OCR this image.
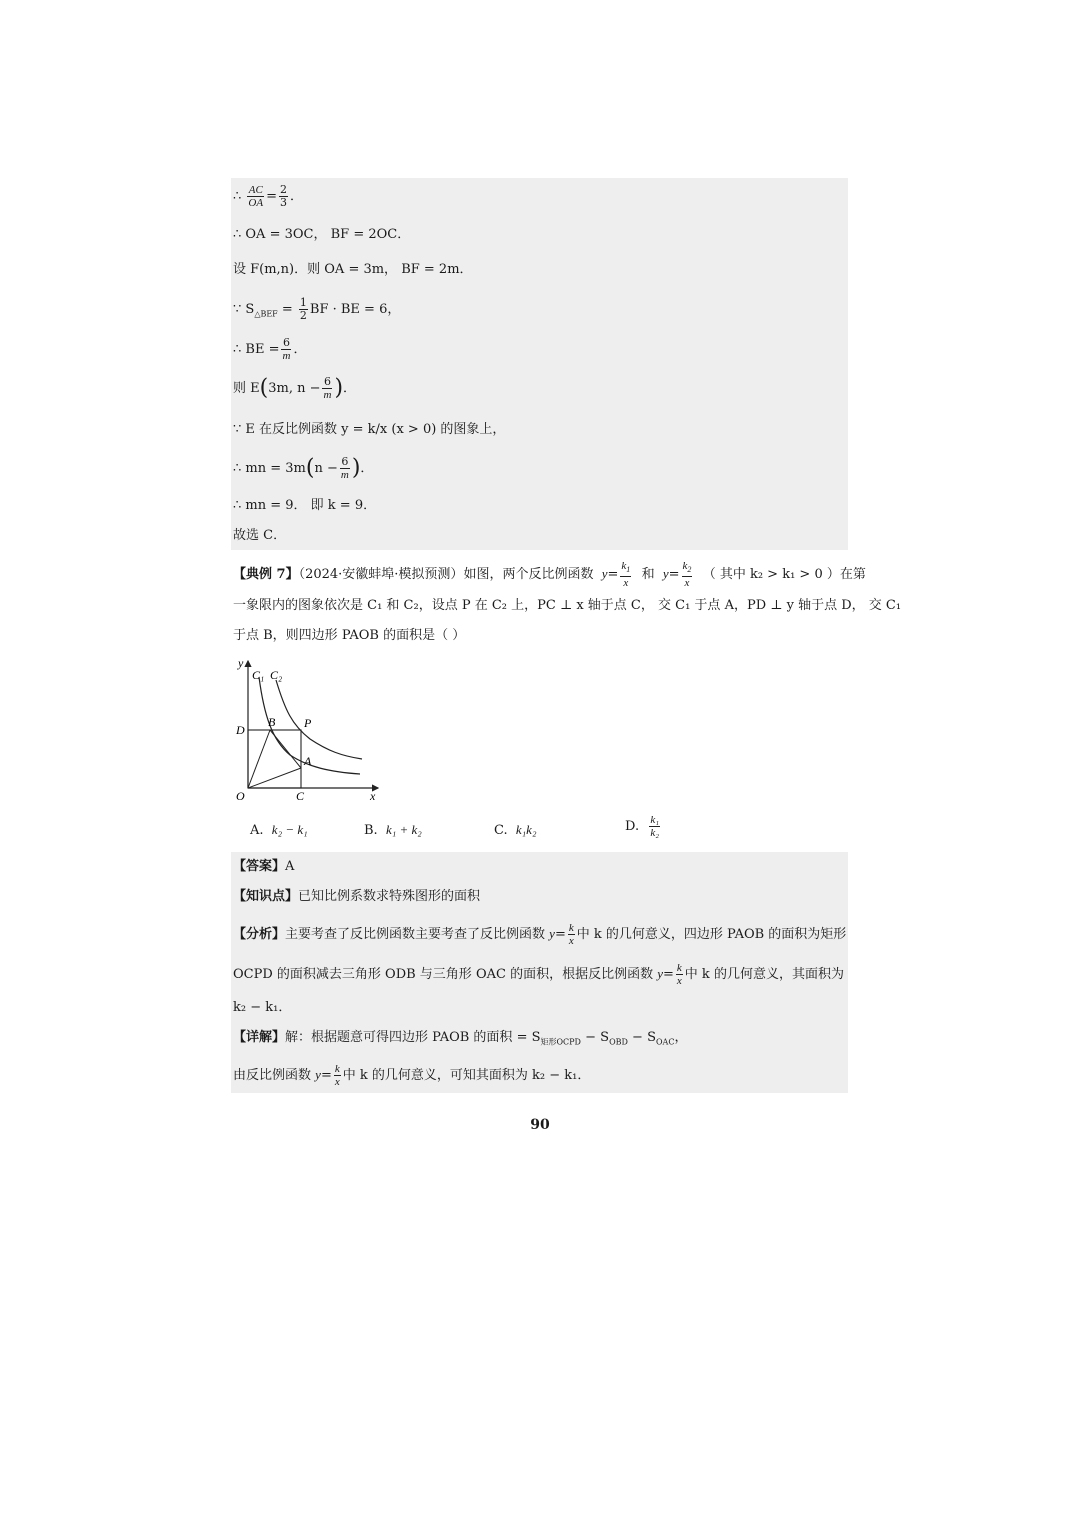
∴ $\frac{AC}{OA} = \frac{2}{3}$ ．
∴ OA = 3OC， BF = 2OC．
设 F(m,n)．则 OA = 3m， BF = 2m．
∵ $S_{\triangle BEF} = \frac{1}{2}$ BF · BE = 6，
∴ BE = $\frac{6}{m}$ ．
则 E(3m, $n - \frac{6}{m}$ )．
∵ E 在反比例函数 y = k/x (x > 0) 的图象上，
∴ mn = $3m(n - \frac{6}{m}$ )．
∴ mn = 9． 即 k = 9．
故选 C．
【典例 7】（2024·安徽蚌埠·模拟预测）如图，两个反比例函数 $y= \frac{k_1}{x}$ 和 $y= \frac{k_2}{x}$ （ 其中 k₂ > k₁ > 0 ）在第
一象限内的图象依次是 C₁ 和 C₂，设点 P 在 C₂ 上，PC ⊥ x 轴于点 C， 交 C₁ 于点 A，PD ⊥ y 轴于点 D， 交 C₁
于点 B，则四边形 PAOB 的面积是（ ）
y
C₁ C₂
D
B P
A
O	C	x
A. k₂ − k₁	B. k₁ + k₂	C. k₁k₂	D. $\frac{\text{k₁}}{\text{k₂}}$
【答案】A
【知识点】已知比例系数求特殊图形的面积
【分析】主要考查了反比例函数主要考查了反比例函数 $y= \frac{k}{x}$ 中 k 的几何意义，四边形 PAOB 的面积为矩形
OCPD 的面积减去三角形 ODB 与三角形 OAC 的面积，根据反比例函数 $y= \frac{k}{x}$ 中 k 的几何意义，其面积为
k₂ − k₁．
【详解】解：根据题意可得四边形 PAOB 的面积 = $S_{矩形OCPD} - S_{OBD} - S_{OAC}$，
由反比例函数 $y= \frac{k}{x}$ 中 k 的几何意义，可知其面积为 k₂ − k₁．
90
